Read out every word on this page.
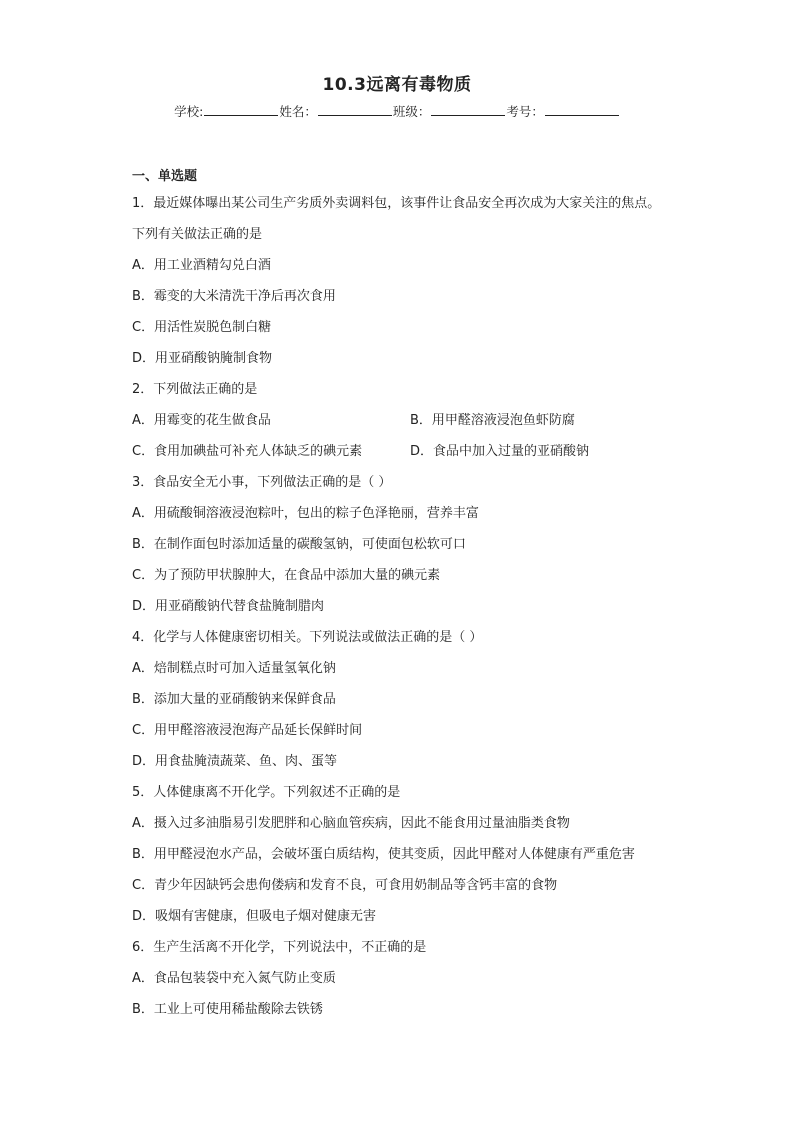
10.3远离有毒物质
学校:	姓名：	班级：	考号：
一、单选题
1．最近媒体曝出某公司生产劣质外卖调料包，该事件让食品安全再次成为大家关注的焦点。下列有关做法正确的是
A．用工业酒精勾兑白酒
B．霉变的大米清洗干净后再次食用
C．用活性炭脱色制白糖
D．用亚硝酸钠腌制食物
2．下列做法正确的是
A．用霉变的花生做食品	B．用甲醛溶液浸泡鱼虾防腐
C．食用加碘盐可补充人体缺乏的碘元素	D．食品中加入过量的亚硝酸钠
3．食品安全无小事，下列做法正确的是（ ）
A．用硫酸铜溶液浸泡粽叶，包出的粽子色泽艳丽，营养丰富
B．在制作面包时添加适量的碳酸氢钠，可使面包松软可口
C．为了预防甲状腺肿大，在食品中添加大量的碘元素
D．用亚硝酸钠代替食盐腌制腊肉
4．化学与人体健康密切相关。下列说法或做法正确的是（ ）
A．焙制糕点时可加入适量氢氧化钠
B．添加大量的亚硝酸钠来保鲜食品
C．用甲醛溶液浸泡海产品延长保鲜时间
D．用食盐腌渍蔬菜、鱼、肉、蛋等
5．人体健康离不开化学。下列叙述不正确的是
A．摄入过多油脂易引发肥胖和心脑血管疾病，因此不能食用过量油脂类食物
B．用甲醛浸泡水产品，会破坏蛋白质结构，使其变质，因此甲醛对人体健康有严重危害
C．青少年因缺钙会患佝偻病和发育不良，可食用奶制品等含钙丰富的食物
D．吸烟有害健康，但吸电子烟对健康无害
6．生产生活离不开化学，下列说法中，不正确的是
A．食品包装袋中充入氮气防止变质
B．工业上可使用稀盐酸除去铁锈
